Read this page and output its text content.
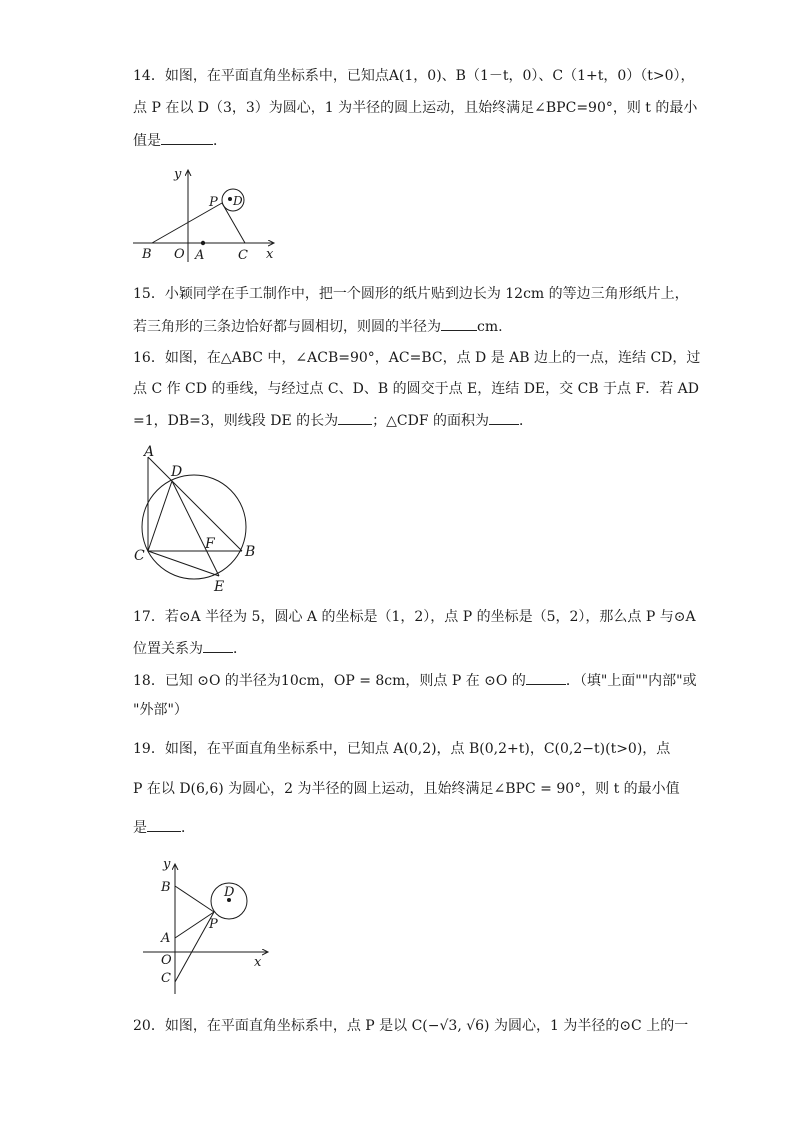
14．如图，在平面直角坐标系中，已知点A(1，0)、B（1－t，0）、C（1+t，0）（t>0），
点 P 在以 D（3，3）为圆心，1 为半径的圆上运动，且始终满足∠BPC=90°，则 t 的最小
值是	．
y
x
P D
B O A	C
15．小颖同学在手工制作中，把一个圆形的纸片贴到边长为 12cm 的等边三角形纸片上，
若三角形的三条边恰好都与圆相切，则圆的半径为	cm.
16．如图，在△ABC 中，∠ACB=90°，AC=BC，点 D 是 AB 边上的一点，连结 CD，过
点 C 作 CD 的垂线，与经过点 C、D、B 的圆交于点 E，连结 DE，交 CB 于点 F．若 AD
=1，DB=3，则线段 DE 的长为 ；△CDF 的面积为 ．
A
D
F
C	B
E
17．若⊙A 半径为 5，圆心 A 的坐标是（1，2），点 P 的坐标是（5，2），那么点 P 与⊙A
位置关系为 ．
18．已知 ⊙O 的半径为10cm，OP = 8cm，则点 P 在 ⊙O 的	．（填"上面""内部"或
"外部"）
19．如图，在平面直角坐标系中，已知点 A(0,2)，点 B(0,2+t)，C(0,2−t)(t>0)，点
P 在以 D(6,6) 为圆心，2 为半径的圆上运动，且始终满足∠BPC = 90°，则 t 的最小值
是 ．
y
x
B	D
P
A
O
C
20．如图，在平面直角坐标系中，点 P 是以 C(−√3, √6) 为圆心，1 为半径的⊙C 上的一
